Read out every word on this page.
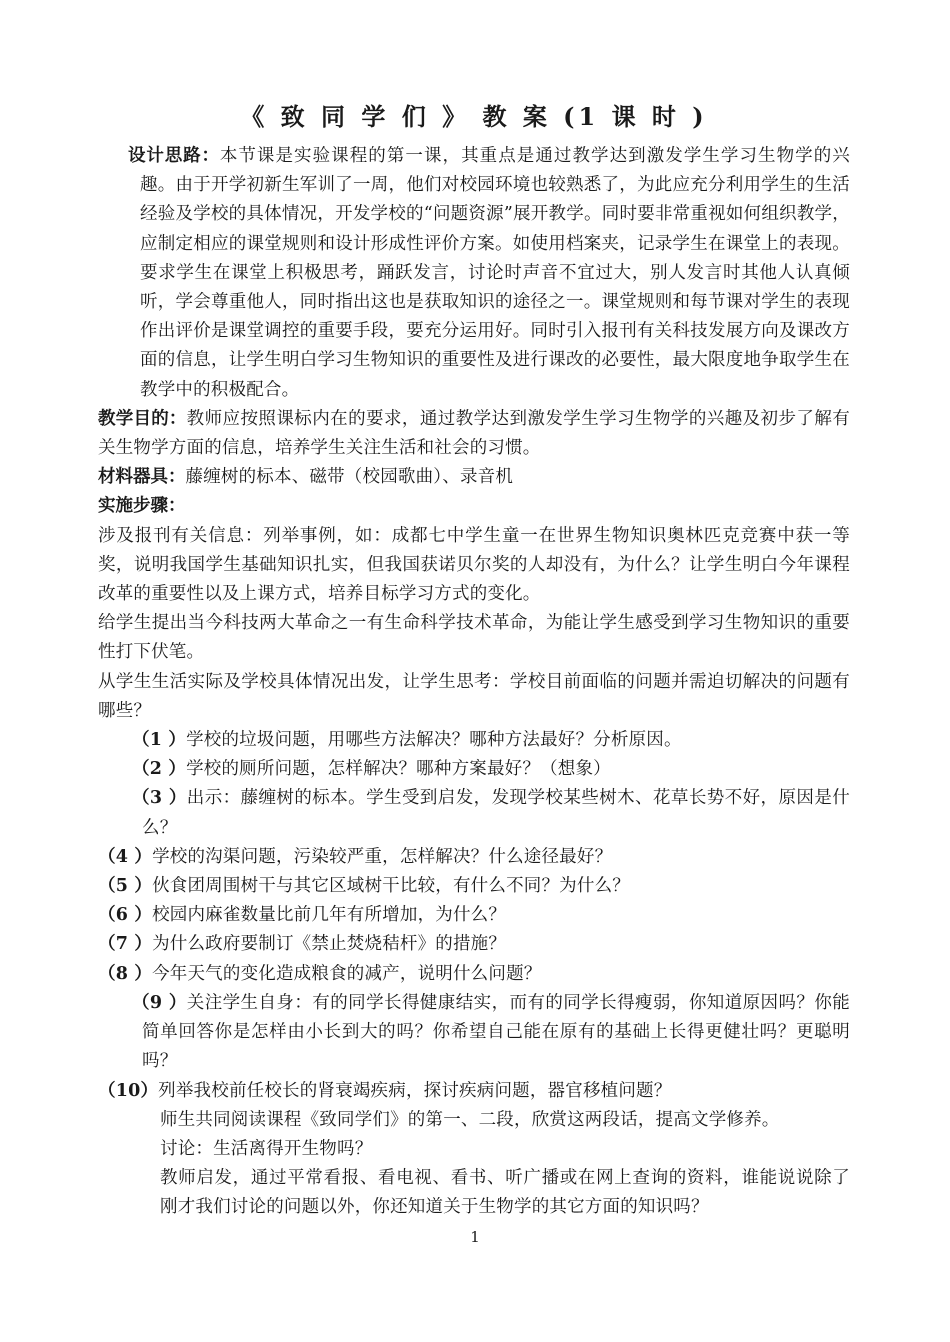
《 致 同 学 们 》 教 案 (1 课 时 )

设计思路：本节课是实验课程的第一课，其重点是通过教学达到激发学生学习生物学的兴趣。由于开学初新生军训了一周，他们对校园环境也较熟悉了，为此应充分利用学生的生活经验及学校的具体情况，开发学校的“问题资源”展开教学。同时要非常重视如何组织教学，应制定相应的课堂规则和设计形成性评价方案。如使用档案夹，记录学生在课堂上的表现。要求学生在课堂上积极思考，踊跃发言，讨论时声音不宜过大，别人发言时其他人认真倾听，学会尊重他人，同时指出这也是获取知识的途径之一。课堂规则和每节课对学生的表现作出评价是课堂调控的重要手段，要充分运用好。同时引入报刊有关科技发展方向及课改方面的信息，让学生明白学习生物知识的重要性及进行课改的必要性，最大限度地争取学生在教学中的积极配合。

教学目的：教师应按照课标内在的要求，通过教学达到激发学生学习生物学的兴趣及初步了解有关生物学方面的信息，培养学生关注生活和社会的习惯。

材料器具：藤缠树的标本、磁带（校园歌曲）、录音机

实施步骤：

涉及报刊有关信息：列举事例，如：成都七中学生童一在世界生物知识奥林匹克竞赛中获一等奖，说明我国学生基础知识扎实，但我国获诺贝尔奖的人却没有，为什么？让学生明白今年课程改革的重要性以及上课方式，培养目标学习方式的变化。

给学生提出当今科技两大革命之一有生命科学技术革命，为能让学生感受到学习生物知识的重要性打下伏笔。

从学生生活实际及学校具体情况出发，让学生思考：学校目前面临的问题并需迫切解决的问题有哪些？

（1 ）学校的垃圾问题，用哪些方法解决？哪种方法最好？分析原因。

（2 ）学校的厕所问题，怎样解决？哪种方案最好？（想象）

（3 ）出示：藤缠树的标本。学生受到启发，发现学校某些树木、花草长势不好，原因是什么？

（4 ）学校的沟渠问题，污染较严重，怎样解决？什么途径最好？

（5 ）伙食团周围树干与其它区域树干比较，有什么不同？为什么？

（6 ）校园内麻雀数量比前几年有所增加，为什么？

（7 ）为什么政府要制订《禁止焚烧秸杆》的措施？

（8 ）今年天气的变化造成粮食的减产，说明什么问题？

（9 ）关注学生自身：有的同学长得健康结实，而有的同学长得瘦弱，你知道原因吗？你能简单回答你是怎样由小长到大的吗？你希望自己能在原有的基础上长得更健壮吗？更聪明吗？

（10）列举我校前任校长的肾衰竭疾病，探讨疾病问题，器官移植问题？

师生共同阅读课程《致同学们》的第一、二段，欣赏这两段话，提高文学修养。

讨论：生活离得开生物吗？

教师启发，通过平常看报、看电视、看书、听广播或在网上查询的资料，谁能说说除了刚才我们讨论的问题以外，你还知道关于生物学的其它方面的知识吗？

1
